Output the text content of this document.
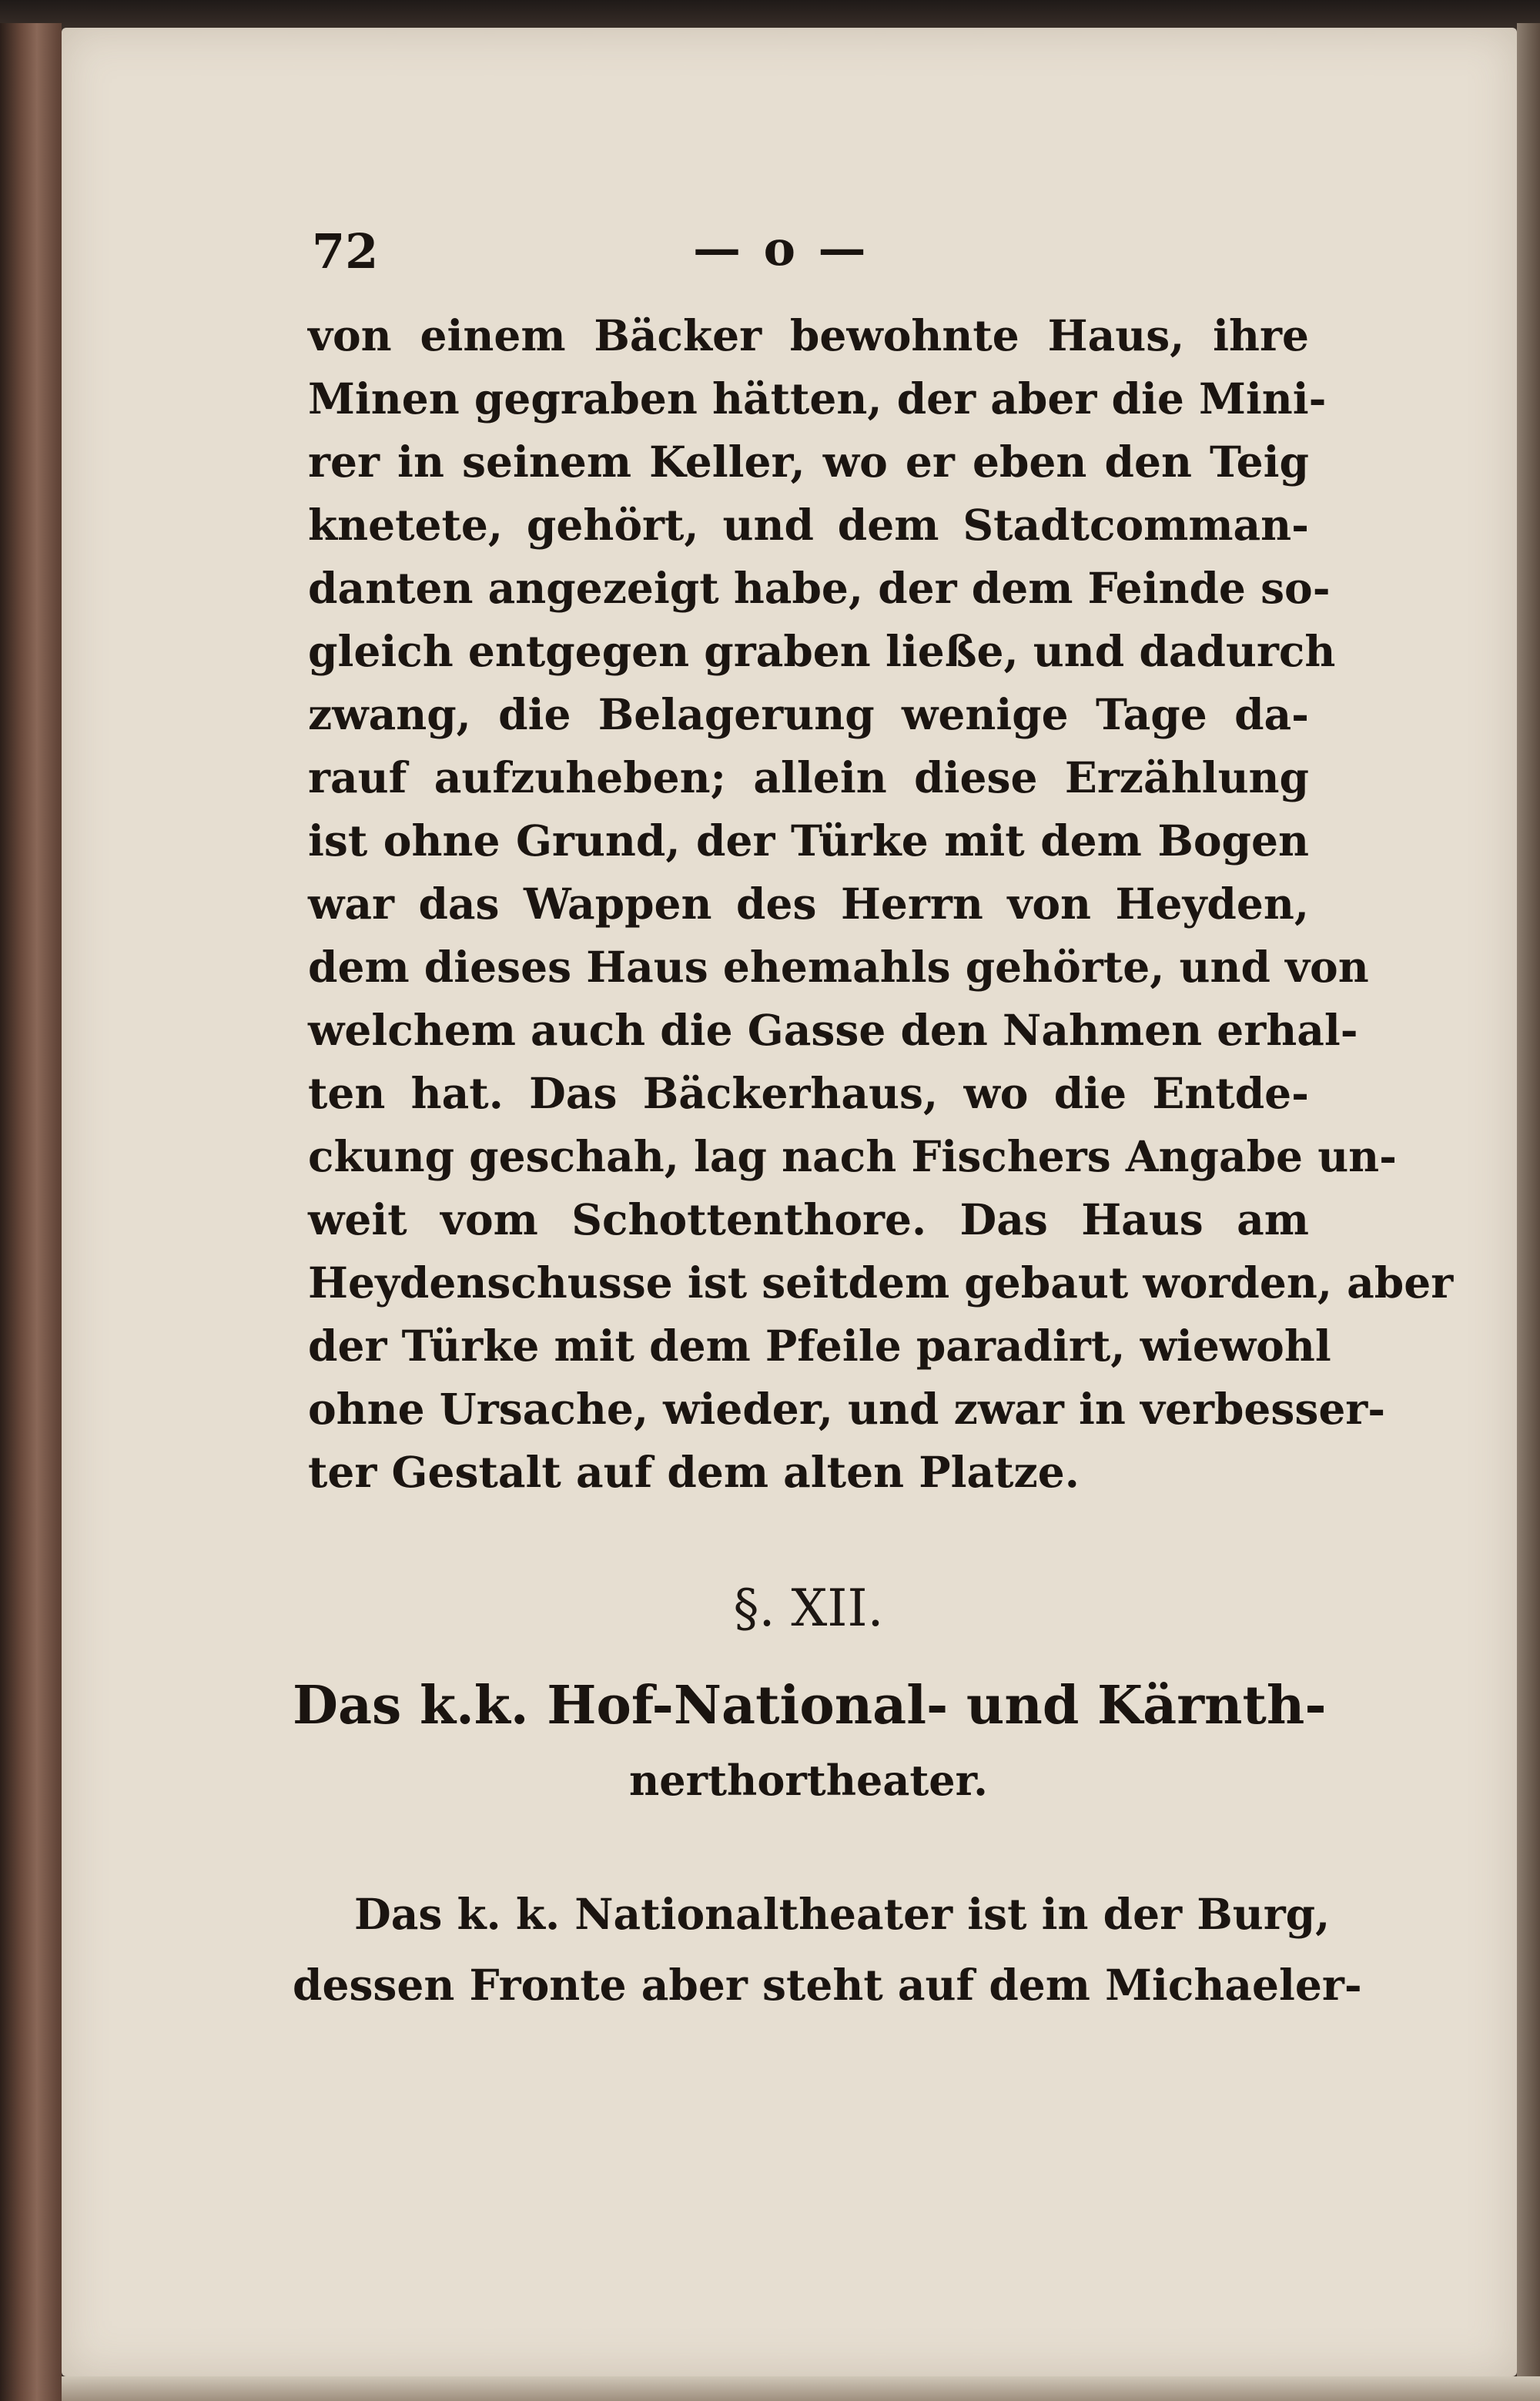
72	— o —
von einem Bäcker bewohnte Haus, ihre
Minen gegraben hätten, der aber die Mini-
rer in seinem Keller, wo er eben den Teig
knetete, gehört, und dem Stadtcomman-
danten angezeigt habe, der dem Feinde so-
gleich entgegen graben ließe, und dadurch
zwang, die Belagerung wenige Tage da-
rauf aufzuheben; allein diese Erzählung
ist ohne Grund, der Türke mit dem Bogen
war das Wappen des Herrn von Heyden,
dem dieses Haus ehemahls gehörte, und von
welchem auch die Gasse den Nahmen erhal-
ten hat. Das Bäckerhaus, wo die Entde-
ckung geschah, lag nach Fischers Angabe un-
weit vom Schottenthore. Das Haus am
Heydenschusse ist seitdem gebaut worden, aber
der Türke mit dem Pfeile paradirt, wiewohl
ohne Ursache, wieder, und zwar in verbesser-
ter Gestalt auf dem alten Platze.
§. XII.
Das k.k. Hof-National- und Kärnth-
nerthortheater.
Das k. k. Nationaltheater ist in der Burg,
dessen Fronte aber steht auf dem Michaeler-
